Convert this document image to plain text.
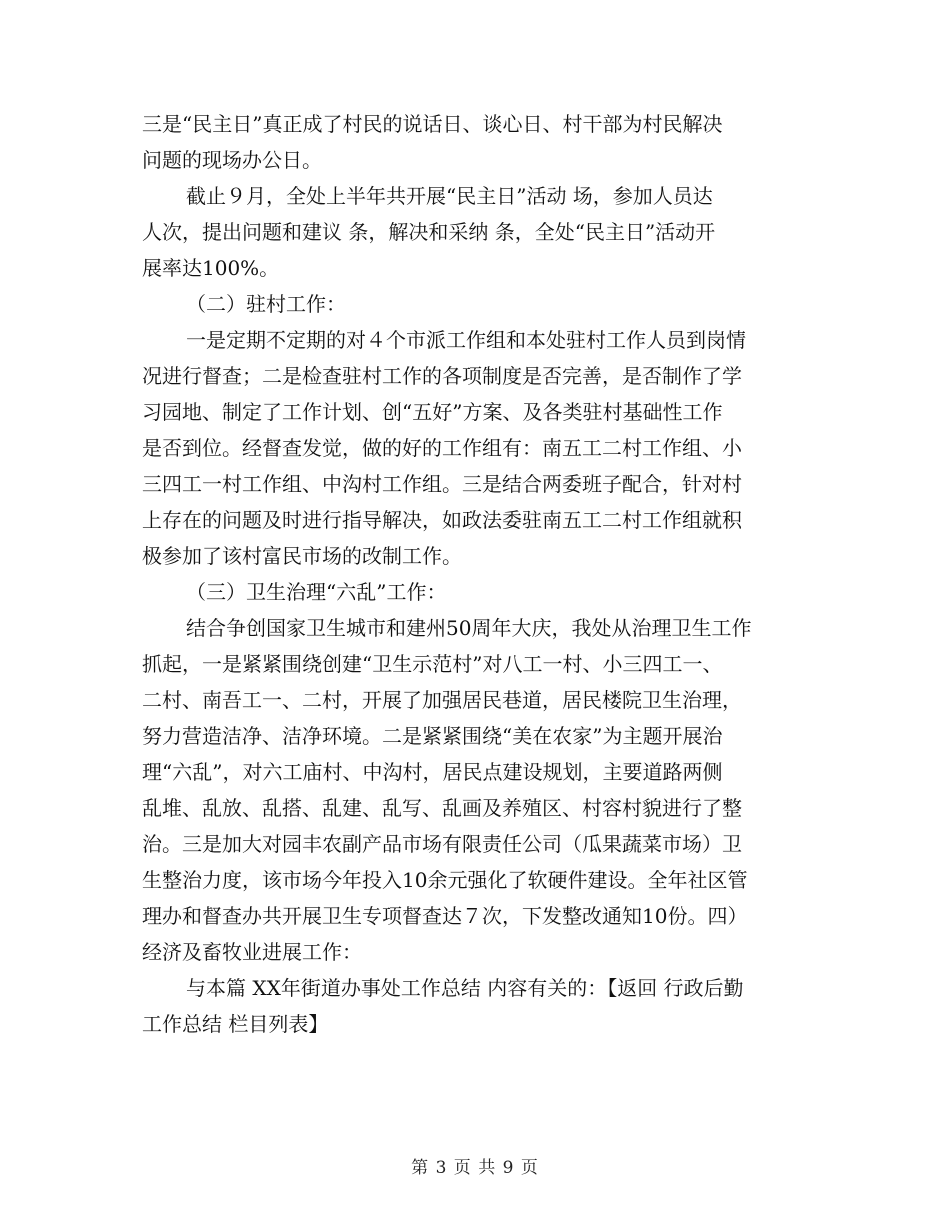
三是“民主日”真正成了村民的说话日、谈心日、村干部为村民解决
问题的现场办公日。
截止９月，全处上半年共开展“民主日”活动 场，参加人员达
人次，提出问题和建议 条，解决和采纳 条，全处“民主日”活动开
展率达100%。
（二）驻村工作：
一是定期不定期的对４个市派工作组和本处驻村工作人员到岗情
况进行督查；二是检查驻村工作的各项制度是否完善，是否制作了学
习园地、制定了工作计划、创“五好”方案、及各类驻村基础性工作
是否到位。经督查发觉，做的好的工作组有：南五工二村工作组、小
三四工一村工作组、中沟村工作组。三是结合两委班子配合，针对村
上存在的问题及时进行指导解决，如政法委驻南五工二村工作组就积
极参加了该村富民市场的改制工作。
（三）卫生治理“六乱”工作：
结合争创国家卫生城市和建州50周年大庆，我处从治理卫生工作
抓起，一是紧紧围绕创建“卫生示范村”对八工一村、小三四工一、
二村、南吾工一、二村，开展了加强居民巷道，居民楼院卫生治理，
努力营造洁净、洁净环境。二是紧紧围绕“美在农家”为主题开展治
理“六乱”，对六工庙村、中沟村，居民点建设规划，主要道路两侧
乱堆、乱放、乱搭、乱建、乱写、乱画及养殖区、村容村貌进行了整
治。三是加大对园丰农副产品市场有限责任公司（瓜果蔬菜市场）卫
生整治力度，该市场今年投入10余元强化了软硬件建设。全年社区管
理办和督查办共开展卫生专项督查达７次，下发整改通知10份。四）
经济及畜牧业进展工作：
与本篇 XX年街道办事处工作总结 内容有关的：【返回 行政后勤
工作总结 栏目列表】
第 3 页 共 9 页
